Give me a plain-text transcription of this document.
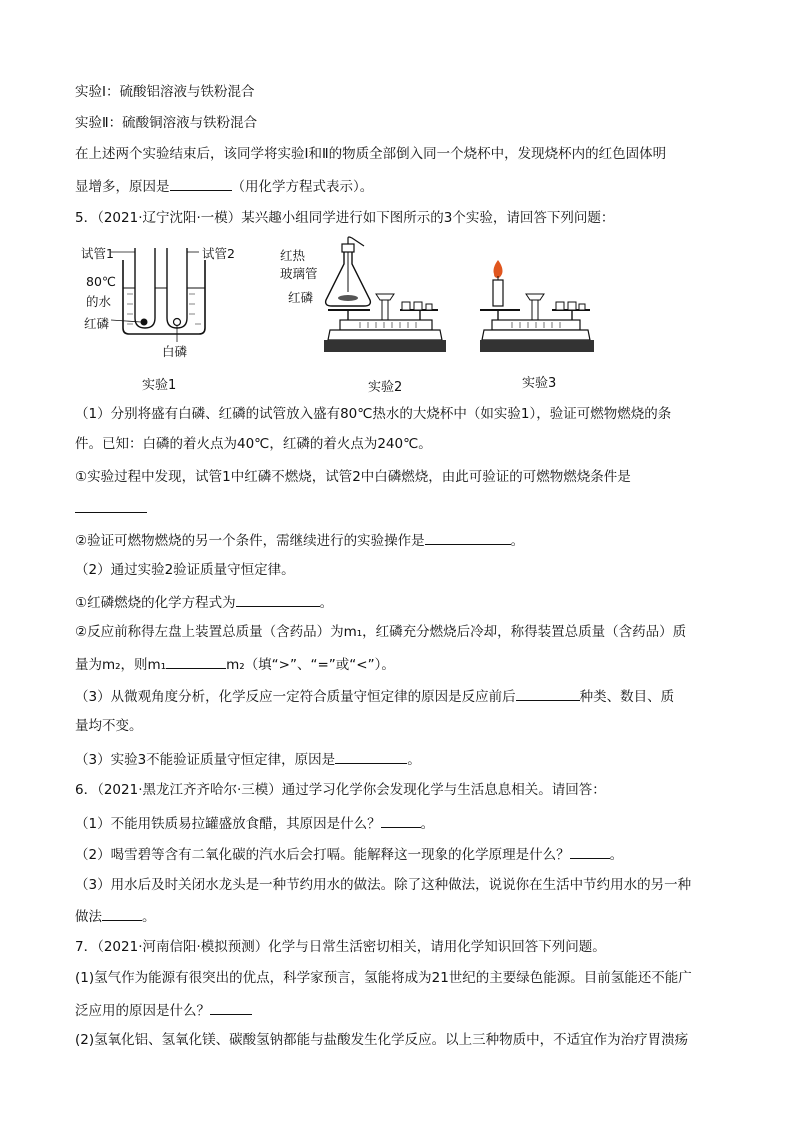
实验Ⅰ：硫酸铝溶液与铁粉混合
实验Ⅱ：硫酸铜溶液与铁粉混合
在上述两个实验结束后，该同学将实验Ⅰ和Ⅱ的物质全部倒入同一个烧杯中，发现烧杯内的红色固体明
显增多，原因是	（用化学方程式表示）。
5．（2021·辽宁沈阳·一模）某兴趣小组同学进行如下图所示的3个实验，请回答下列问题：
试管1	试管2
80℃
的水
红磷
白磷
实验1
红热
玻璃管
红磷
实验2	实验3
（1）分别将盛有白磷、红磷的试管放入盛有80℃热水的大烧杯中（如实验1），验证可燃物燃烧的条
件。已知：白磷的着火点为40℃，红磷的着火点为240℃。
①实验过程中发现，试管1中红磷不燃烧，试管2中白磷燃烧，由此可验证的可燃物燃烧条件是
②验证可燃物燃烧的另一个条件，需继续进行的实验操作是	。
（2）通过实验2验证质量守恒定律。
①红磷燃烧的化学方程式为	。
②反应前称得左盘上装置总质量（含药品）为m₁，红磷充分燃烧后冷却，称得装置总质量（含药品）质
量为m₂，则m₁	m₂（填“>”、“=”或“<”）。
（3）从微观角度分析，化学反应一定符合质量守恒定律的原因是反应前后	种类、数目、质
量均不变。
（3）实验3不能验证质量守恒定律，原因是	。
6．（2021·黑龙江齐齐哈尔·三模）通过学习化学你会发现化学与生活息息相关。请回答：
（1）不能用铁质易拉罐盛放食醋，其原因是什么？	。
（2）喝雪碧等含有二氧化碳的汽水后会打嗝。能解释这一现象的化学原理是什么？	。
（3）用水后及时关闭水龙头是一种节约用水的做法。除了这种做法，说说你在生活中节约用水的另一种
做法	。
7．（2021·河南信阳·模拟预测）化学与日常生活密切相关，请用化学知识回答下列问题。
(1)氢气作为能源有很突出的优点，科学家预言，氢能将成为21世纪的主要绿色能源。目前氢能还不能广
泛应用的原因是什么？
(2)氢氧化铝、氢氧化镁、碳酸氢钠都能与盐酸发生化学反应。以上三种物质中，不适宜作为治疗胃溃疡
